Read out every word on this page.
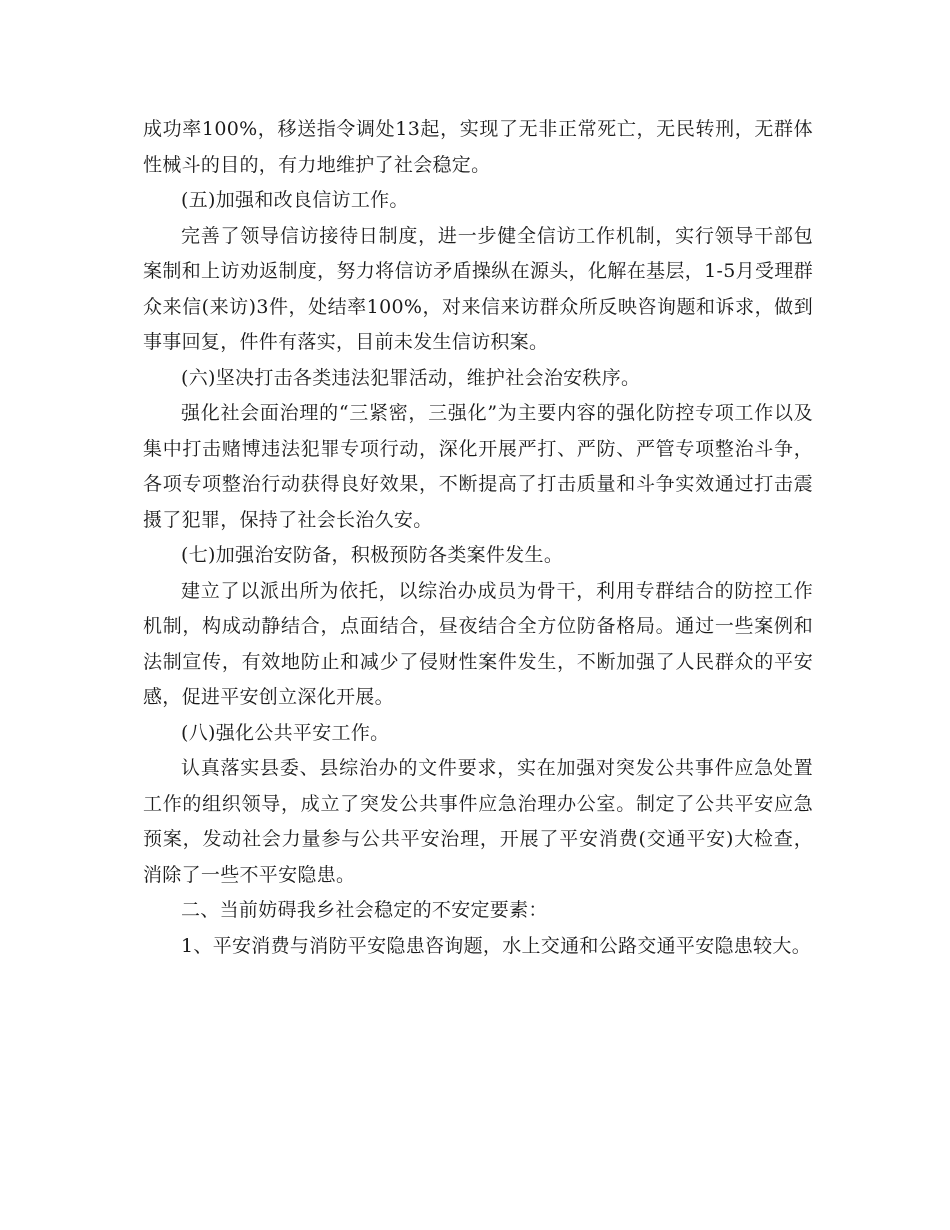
成功率100%，移送指令调处13起，实现了无非正常死亡，无民转刑，无群体性械斗的目的，有力地维护了社会稳定。

(五)加强和改良信访工作。

完善了领导信访接待日制度，进一步健全信访工作机制，实行领导干部包案制和上访劝返制度，努力将信访矛盾操纵在源头，化解在基层，1-5月受理群众来信(来访)3件，处结率100%，对来信来访群众所反映咨询题和诉求，做到事事回复，件件有落实，目前未发生信访积案。

(六)坚决打击各类违法犯罪活动，维护社会治安秩序。

强化社会面治理的“三紧密，三强化”为主要内容的强化防控专项工作以及集中打击赌博违法犯罪专项行动，深化开展严打、严防、严管专项整治斗争，各项专项整治行动获得良好效果，不断提高了打击质量和斗争实效通过打击震摄了犯罪，保持了社会长治久安。

(七)加强治安防备，积极预防各类案件发生。

建立了以派出所为依托，以综治办成员为骨干，利用专群结合的防控工作机制，构成动静结合，点面结合，昼夜结合全方位防备格局。通过一些案例和法制宣传，有效地防止和减少了侵财性案件发生，不断加强了人民群众的平安感，促进平安创立深化开展。

(八)强化公共平安工作。

认真落实县委、县综治办的文件要求，实在加强对突发公共事件应急处置工作的组织领导，成立了突发公共事件应急治理办公室。制定了公共平安应急预案，发动社会力量参与公共平安治理，开展了平安消费(交通平安)大检查，消除了一些不平安隐患。

二、当前妨碍我乡社会稳定的不安定要素：

1、平安消费与消防平安隐患咨询题，水上交通和公路交通平安隐患较大。
